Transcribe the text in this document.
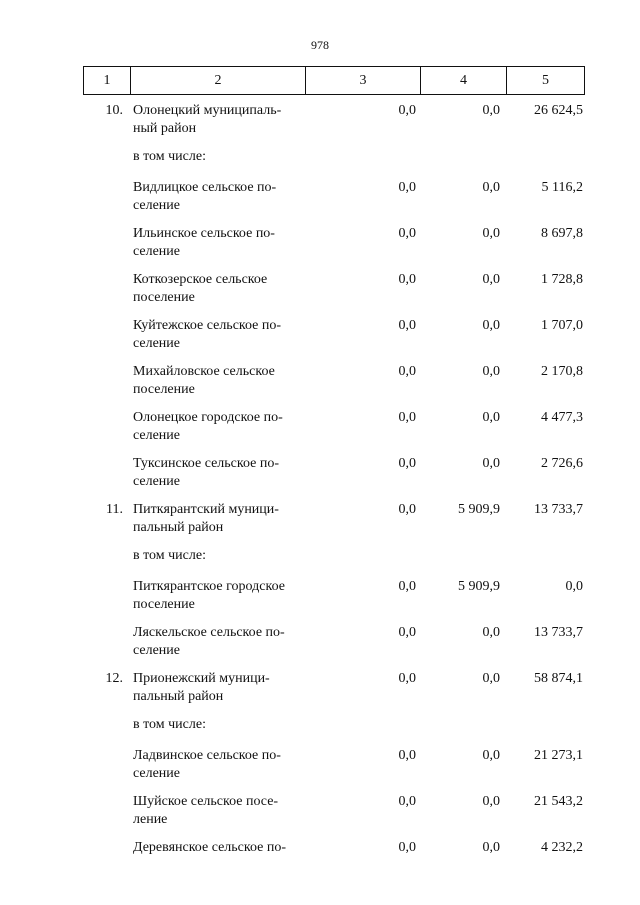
978
1	2	3	4	5
10. Олонецкий муниципаль-
ный район
0,0	0,0	26 624,5
в том числе:
Видлицкое сельское по-
селение
0,0	0,0	5 116,2
Ильинское сельское по-
селение
0,0	0,0	8 697,8
Коткозерское сельское
поселение
0,0	0,0	1 728,8
Куйтежское сельское по-
селение
0,0	0,0	1 707,0
Михайловское сельское
поселение
0,0	0,0	2 170,8
Олонецкое городское по-
селение
0,0	0,0	4 477,3
Туксинское сельское по-
селение
0,0	0,0	2 726,6
11. Питкярантский муници-
пальный район
0,0	5 909,9	13 733,7
в том числе:
Питкярантское городское
поселение
0,0	5 909,9	0,0
Ляскельское сельское по-
селение
0,0	0,0	13 733,7
12. Прионежский муници-
пальный район
0,0	0,0	58 874,1
в том числе:
Ладвинское сельское по-
селение
0,0	0,0	21 273,1
Шуйское сельское посе-
ление
0,0	0,0	21 543,2
Деревянское сельское по-	0,0	0,0	4 232,2
